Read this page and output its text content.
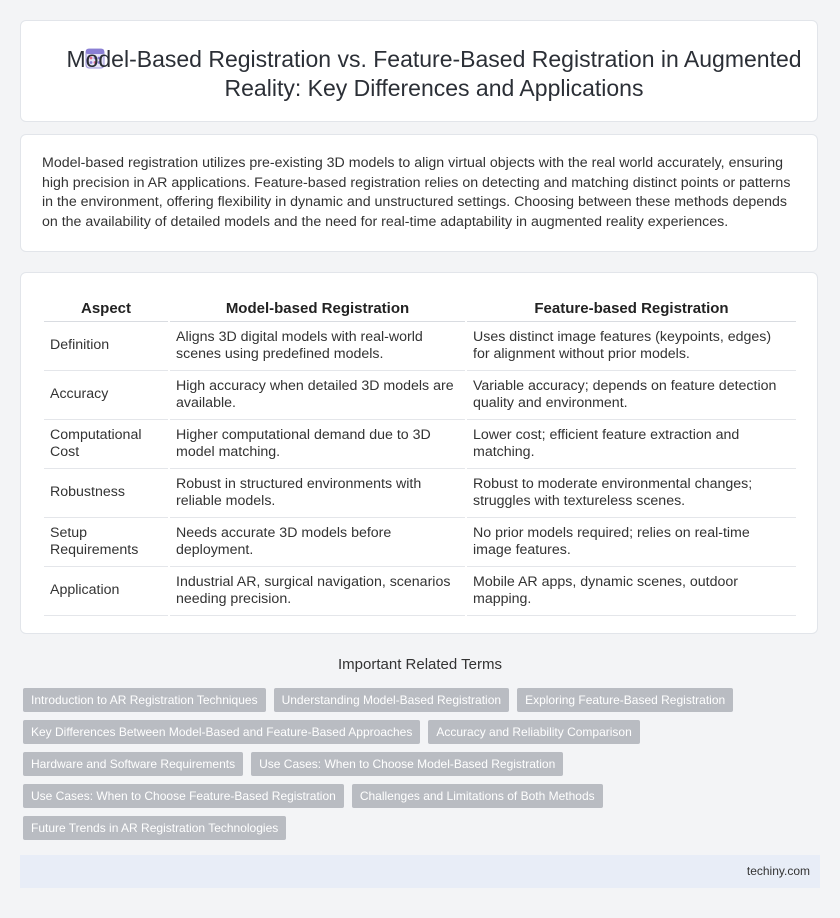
Model-Based Registration vs. Feature-Based Registration in Augmented Reality: Key Differences and Applications

Model-based registration utilizes pre-existing 3D models to align virtual objects with the real world accurately, ensuring high precision in AR applications. Feature-based registration relies on detecting and matching distinct points or patterns in the environment, offering flexibility in dynamic and unstructured settings. Choosing between these methods depends on the availability of detailed models and the need for real-time adaptability in augmented reality experiences.

Aspect	Model-based Registration	Feature-based Registration
Definition	Aligns 3D digital models with real-world scenes using predefined models.	Uses distinct image features (keypoints, edges) for alignment without prior models.
Accuracy	High accuracy when detailed 3D models are available.	Variable accuracy; depends on feature detection quality and environment.
Computational Cost	Higher computational demand due to 3D model matching.	Lower cost; efficient feature extraction and matching.
Robustness	Robust in structured environments with reliable models.	Robust to moderate environmental changes; struggles with textureless scenes.
Setup Requirements	Needs accurate 3D models before deployment.	No prior models required; relies on real-time image features.
Application	Industrial AR, surgical navigation, scenarios needing precision.	Mobile AR apps, dynamic scenes, outdoor mapping.
Important Related Terms
Introduction to AR Registration Techniques	Understanding Model-Based Registration	Exploring Feature-Based Registration
Key Differences Between Model-Based and Feature-Based Approaches	Accuracy and Reliability Comparison
Hardware and Software Requirements	Use Cases: When to Choose Model-Based Registration
Use Cases: When to Choose Feature-Based Registration	Challenges and Limitations of Both Methods
Future Trends in AR Registration Technologies
techiny.com
